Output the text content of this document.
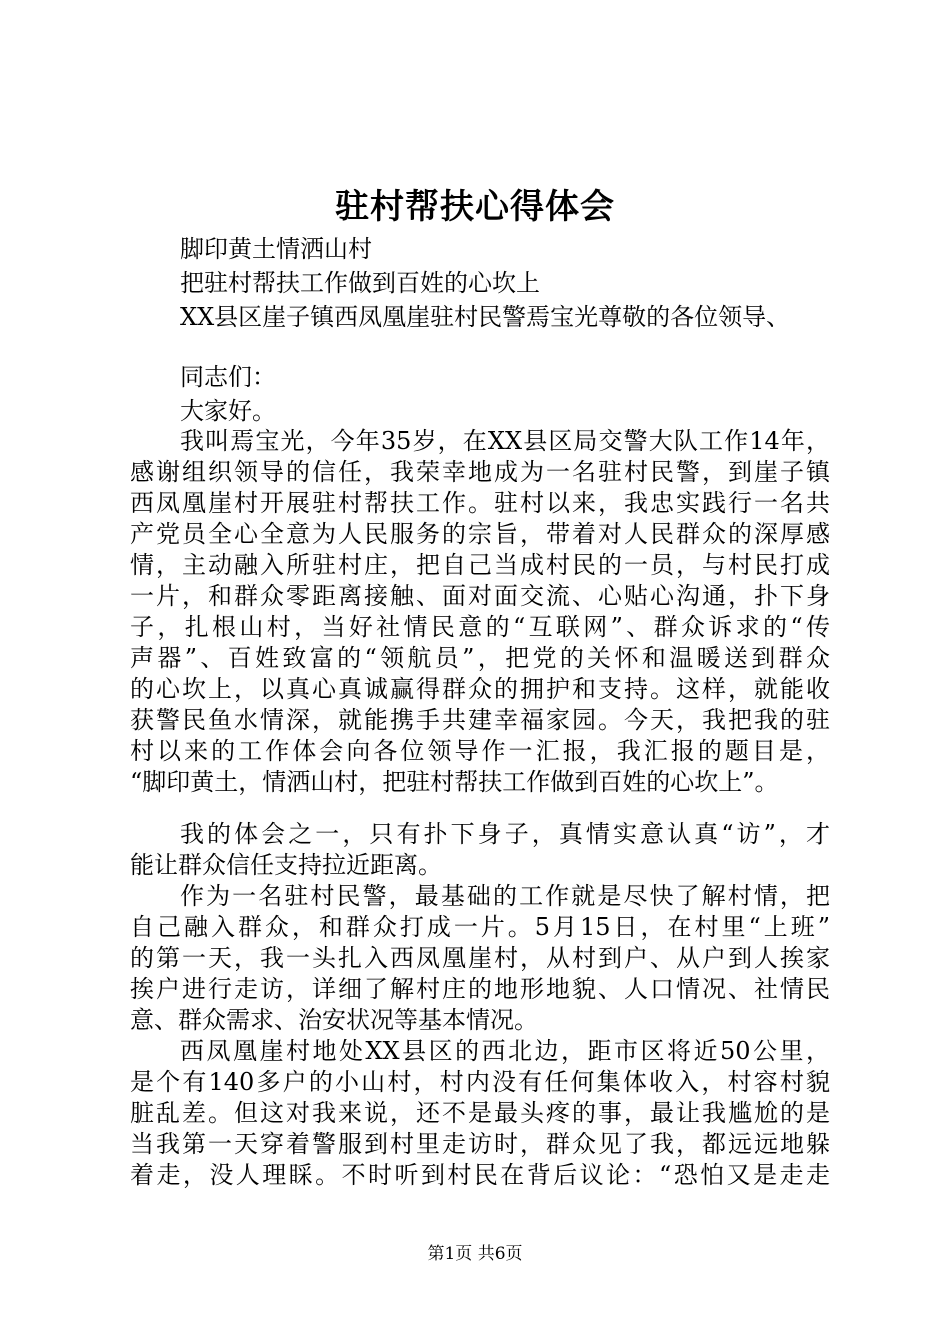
驻村帮扶心得体会
脚印黄土情洒山村
把驻村帮扶工作做到百姓的心坎上
XX县区崖子镇西凤凰崖驻村民警焉宝光尊敬的各位领导、
同志们：
大家好。
我叫焉宝光，今年35岁，在XX县区局交警大队工作14年，
感谢组织领导的信任，我荣幸地成为一名驻村民警，到崖子镇
西凤凰崖村开展驻村帮扶工作。驻村以来，我忠实践行一名共
产党员全心全意为人民服务的宗旨，带着对人民群众的深厚感
情，主动融入所驻村庄，把自己当成村民的一员，与村民打成
一片，和群众零距离接触、面对面交流、心贴心沟通，扑下身
子，扎根山村，当好社情民意的“互联网”、群众诉求的“传
声器”、百姓致富的“领航员”，把党的关怀和温暖送到群众
的心坎上，以真心真诚赢得群众的拥护和支持。这样，就能收
获警民鱼水情深，就能携手共建幸福家园。今天，我把我的驻
村以来的工作体会向各位领导作一汇报，我汇报的题目是，
“脚印黄土，情洒山村，把驻村帮扶工作做到百姓的心坎上”。
我的体会之一，只有扑下身子，真情实意认真“访”，才
能让群众信任支持拉近距离。
作为一名驻村民警，最基础的工作就是尽快了解村情，把
自己融入群众，和群众打成一片。5月15日，在村里“上班”
的第一天，我一头扎入西凤凰崖村，从村到户、从户到人挨家
挨户进行走访，详细了解村庄的地形地貌、人口情况、社情民
意、群众需求、治安状况等基本情况。
西凤凰崖村地处XX县区的西北边，距市区将近50公里，
是个有140多户的小山村，村内没有任何集体收入，村容村貌
脏乱差。但这对我来说，还不是最头疼的事，最让我尴尬的是
当我第一天穿着警服到村里走访时，群众见了我，都远远地躲
着走，没人理睬。不时听到村民在背后议论：“恐怕又是走走
第1页 共6页
